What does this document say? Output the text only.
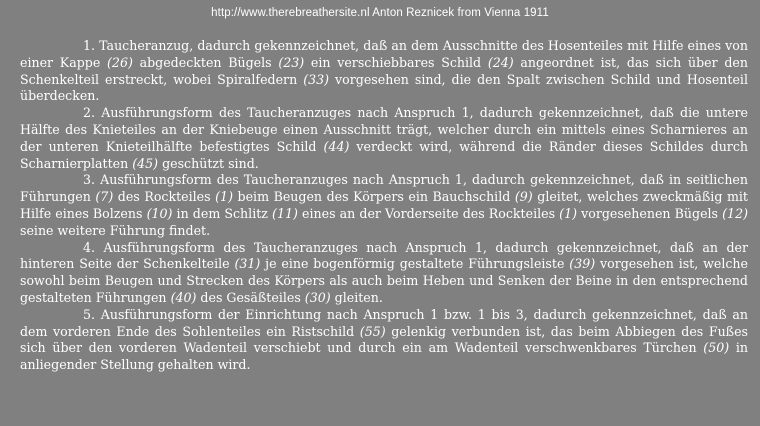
http://www.therebreathersite.nl Anton Reznicek from Vienna 1911

1. Taucheranzug, dadurch gekennzeichnet, daß an dem Ausschnitte des Hosenteiles mit Hilfe eines von einer Kappe (26) abgedeckten Bügels (23) ein verschiebbares Schild (24) angeordnet ist, das sich über den Schenkelteil erstreckt, wobei Spiralfedern (33) vorgesehen sind, die den Spalt zwischen Schild und Hosenteil überdecken.

2. Ausführungsform des Taucheranzuges nach Anspruch 1, dadurch gekennzeichnet, daß die untere Hälfte des Knieteiles an der Kniebeuge einen Ausschnitt trägt, welcher durch ein mittels eines Scharnieres an der unteren Knieteilhälfte befestigtes Schild (44) verdeckt wird, während die Ränder dieses Schildes durch Scharnierplatten (45) geschützt sind.

3. Ausführungsform des Taucheranzuges nach Anspruch 1, dadurch gekennzeichnet, daß in seitlichen Führungen (7) des Rockteiles (1) beim Beugen des Körpers ein Bauchschild (9) gleitet, welches zweckmäßig mit Hilfe eines Bolzens (10) in dem Schlitz (11) eines an der Vorderseite des Rockteiles (1) vorgesehenen Bügels (12) seine weitere Führung findet.

4. Ausführungsform des Taucheranzuges nach Anspruch 1, dadurch gekennzeichnet, daß an der hinteren Seite der Schenkelteile (31) je eine bogenförmig gestaltete Führungsleiste (39) vorgesehen ist, welche sowohl beim Beugen und Strecken des Körpers als auch beim Heben und Senken der Beine in den entsprechend gestalteten Führungen (40) des Gesäßteiles (30) gleiten.

5. Ausführungsform der Einrichtung nach Anspruch 1 bzw. 1 bis 3, dadurch gekennzeichnet, daß an dem vorderen Ende des Sohlenteiles ein Ristschild (55) gelenkig verbunden ist, das beim Abbiegen des Fußes sich über den vorderen Wadenteil verschiebt und durch ein am Wadenteil verschwenkbares Türchen (50) in anliegender Stellung gehalten wird.
